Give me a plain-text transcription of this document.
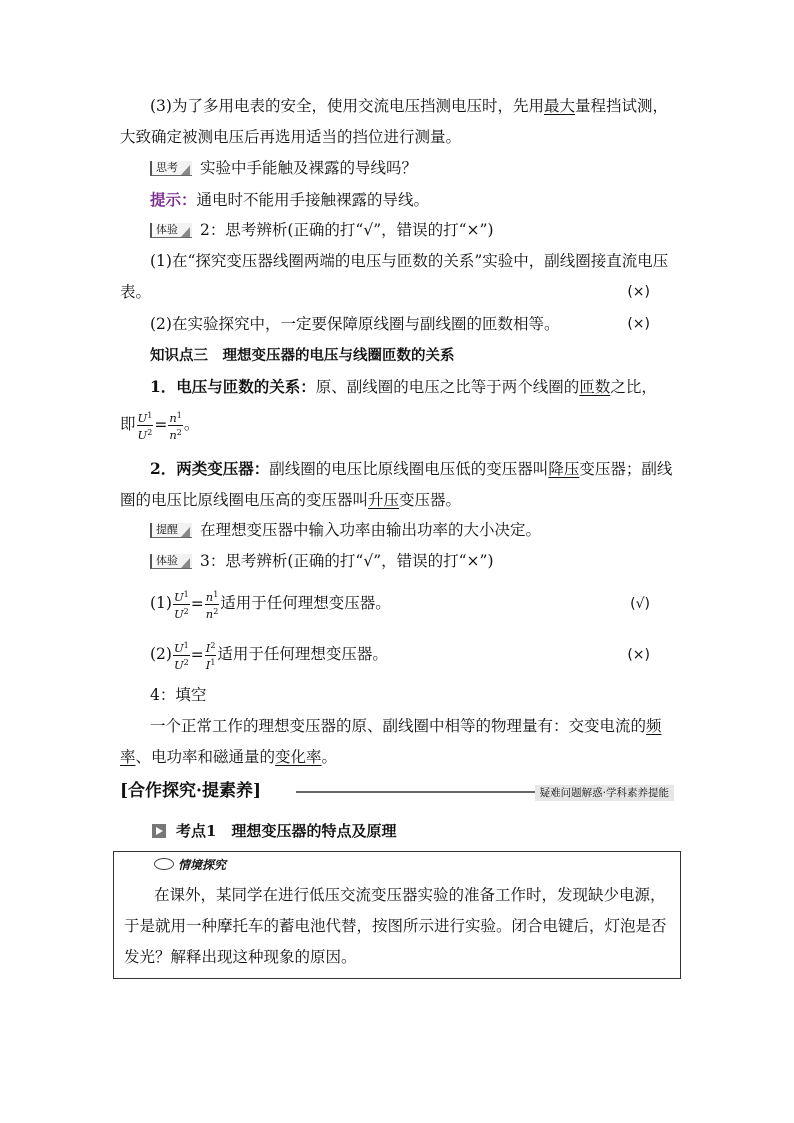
(3)为了多用电表的安全，使用交流电压挡测电压时，先用最大量程挡试测，大致确定被测电压后再选用适当的挡位进行测量。

思考 实验中手能触及裸露的导线吗？

提示：通电时不能用手接触裸露的导线。

体验 2：思考辨析(正确的打“√”，错误的打“×”)

(1)在“探究变压器线圈两端的电压与匝数的关系”实验中，副线圈接直流电压表。	(×)
(2)在实验探究中，一定要保障原线圈与副线圈的匝数相等。	(×)

知识点三　理想变压器的电压与线圈匝数的关系

1．电压与匝数的关系：原、副线圈的电压之比等于两个线圈的匝数之比，

即 $\frac{U^1}{U^2} = \frac{n^1}{n^2}$ 。

2．两类变压器：副线圈的电压比原线圈电压低的变压器叫降压变压器；副线圈的电压比原线圈电压高的变压器叫升压变压器。

提醒 在理想变压器中输入功率由输出功率的大小决定。

体验 3：思考辨析(正确的打“√”，错误的打“×”)

$(1) \frac{U^1}{U^2} = \frac{n^1}{n^2}$ 适用于任何理想变压器。	(√)
$(2) \frac{U^1}{U^2} = \frac{I^2}{I^1}$ 适用于任何理想变压器。	(×)

4：填空

一个正常工作的理想变压器的原、副线圈中相等的物理量有：交变电流的频率、电功率和磁通量的变化率。

[合作探究·提素养]	疑难问题解惑·学科素养提能
考点1　理想变压器的特点及原理
情境探究

在课外，某同学在进行低压交流变压器实验的准备工作时，发现缺少电源，于是就用一种摩托车的蓄电池代替，按图所示进行实验。闭合电键后，灯泡是否发光？解释出现这种现象的原因。
